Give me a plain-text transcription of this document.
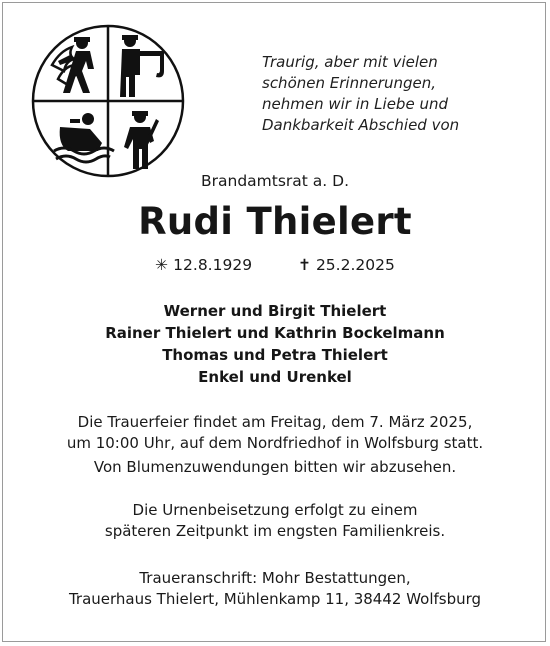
Traurig, aber mit vielen
schönen Erinnerungen,
nehmen wir in Liebe und
Dankbarkeit Abschied von
Brandamtsrat a. D.
Rudi Thielert
✳ 12.8.1929	✝ 25.2.2025
Werner und Birgit Thielert
Rainer Thielert und Kathrin Bockelmann
Thomas und Petra Thielert
Enkel und Urenkel
Die Trauerfeier findet am Freitag, dem 7. März 2025,
um 10:00 Uhr, auf dem Nordfriedhof in Wolfsburg statt.
Von Blumenzuwendungen bitten wir abzusehen.
Die Urnenbeisetzung erfolgt zu einem
späteren Zeitpunkt im engsten Familienkreis.
Traueranschrift: Mohr Bestattungen,
Trauerhaus Thielert, Mühlenkamp 11, 38442 Wolfsburg
